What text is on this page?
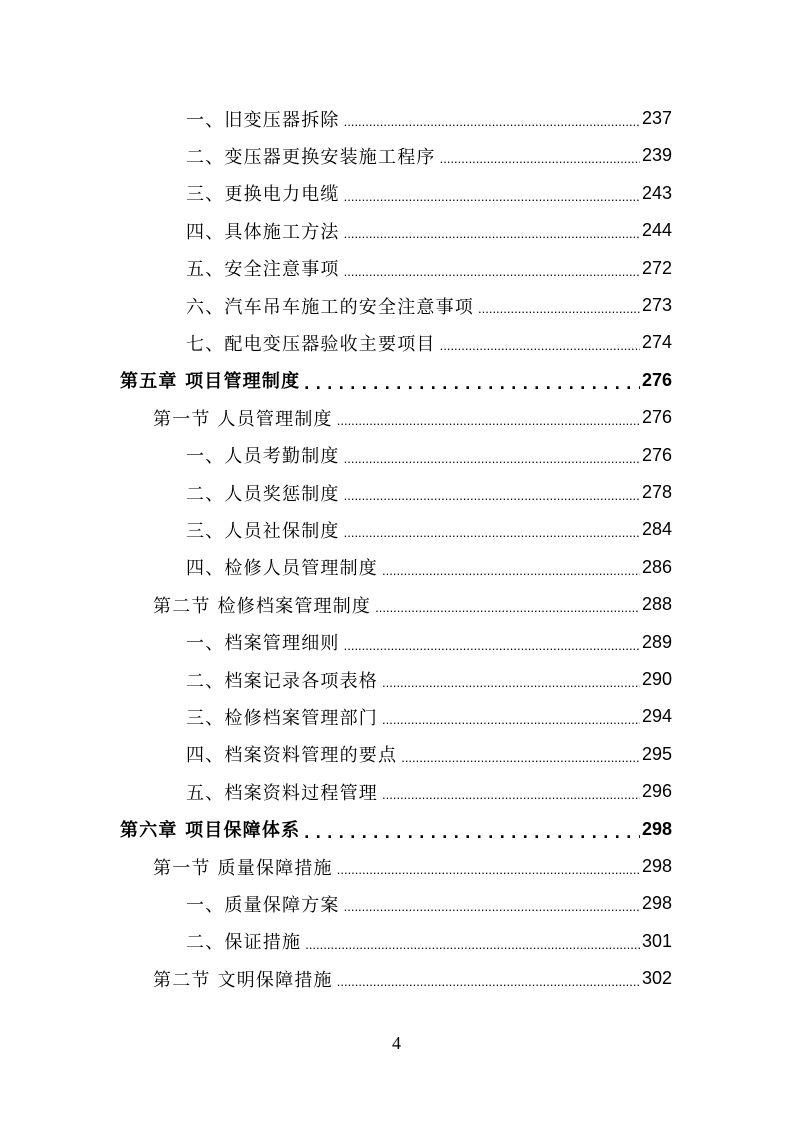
一、旧变压器拆除 .....	237
二、变压器更换安装施工程序 .....	239
三、更换电力电缆 .....	243
四、具体施工方法 .....	244
五、安全注意事项 .....	272
六、汽车吊车施工的安全注意事项 .....	273
七、配电变压器验收主要项目 .....	274
第五章 项目管理制度 .....	276
第一节 人员管理制度 .....	276
一、人员考勤制度 .....	276
二、人员奖惩制度 .....	278
三、人员社保制度 .....	284
四、检修人员管理制度 .....	286
第二节 检修档案管理制度 .....	288
一、档案管理细则 .....	289
二、档案记录各项表格 .....	290
三、检修档案管理部门 .....	294
四、档案资料管理的要点 .....	295
五、档案资料过程管理 .....	296
第六章 项目保障体系 .....	298
第一节 质量保障措施 .....	298
一、质量保障方案 .....	298
二、保证措施 .....	301
第二节 文明保障措施 .....	302
4
